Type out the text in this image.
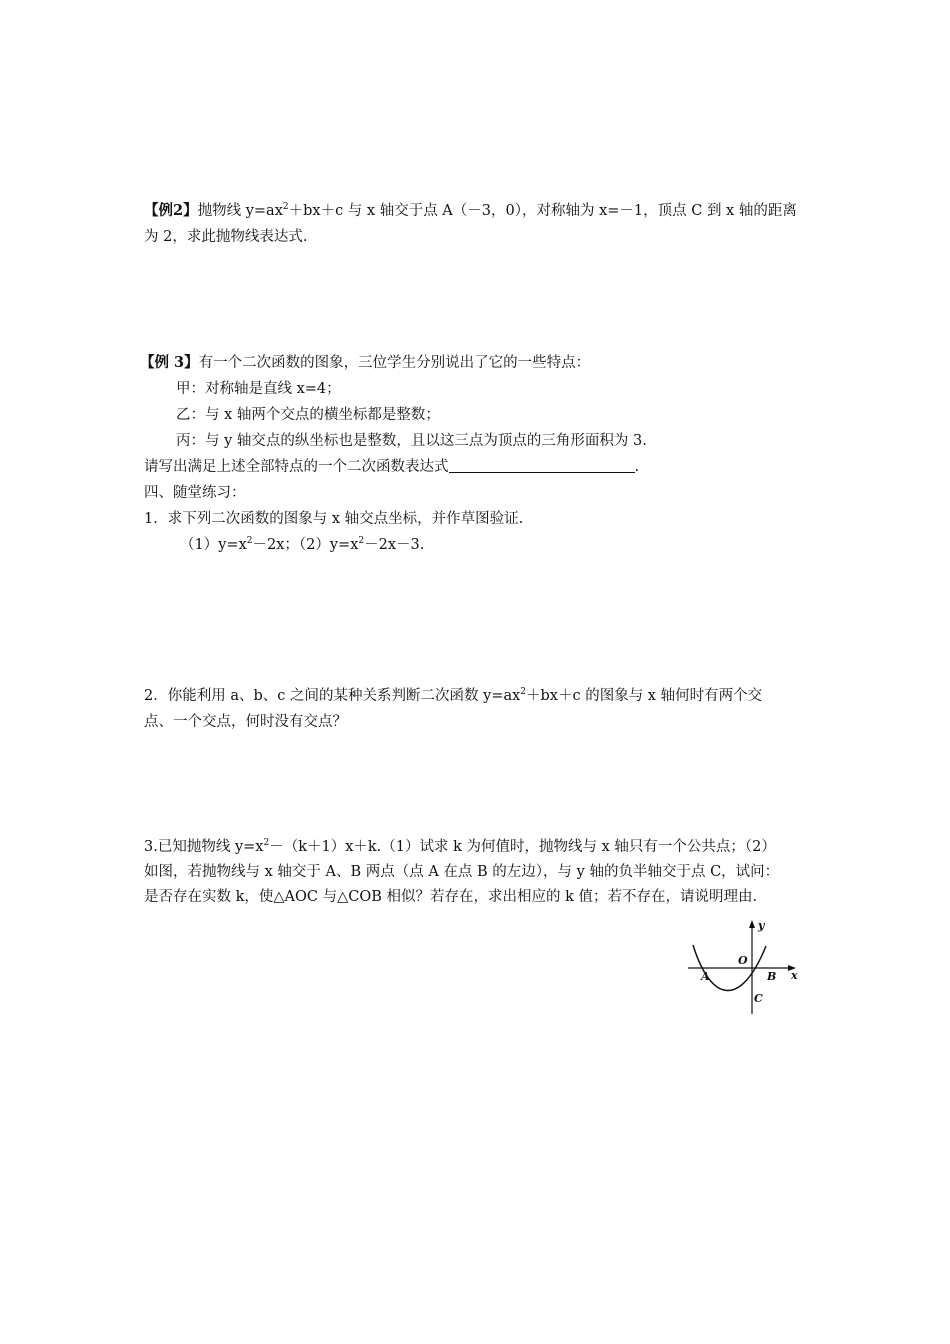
【例2】抛物线 $y=ax^2+bx+c$ 与 x 轴交于点 A（－3，0），对称轴为 x=－1，顶点 C 到 x 轴的距离
为 2，求此抛物线表达式.
【例 3】有一个二次函数的图象，三位学生分别说出了它的一些特点：
甲：对称轴是直线 x=4；
乙：与 x 轴两个交点的横坐标都是整数；
丙：与 y 轴交点的纵坐标也是整数，且以这三点为顶点的三角形面积为 3.
请写出满足上述全部特点的一个二次函数表达式	.
四、随堂练习：
1．求下列二次函数的图象与 x 轴交点坐标，并作草图验证.
$(1)y=x^2-2x$；$(2)y=x^2-2x-3$.
2．你能利用 a、b、c 之间的某种关系判断二次函数 $y=ax^2+bx+c$ 的图象与 x 轴何时有两个交
点、一个交点，何时没有交点？
3.已知抛物线 $y=x^2-(k+1)x+k.(1)$试求 k 为何值时，抛物线与 x 轴只有一个公共点；（2）
如图，若抛物线与 x 轴交于 A、B 两点（点 A 在点 B 的左边），与 y 轴的负半轴交于点 C，试问：
是否存在实数 k，使△AOC 与△COB 相似？若存在，求出相应的 k 值；若不存在，请说明理由.
y
x
O
A	B
C
